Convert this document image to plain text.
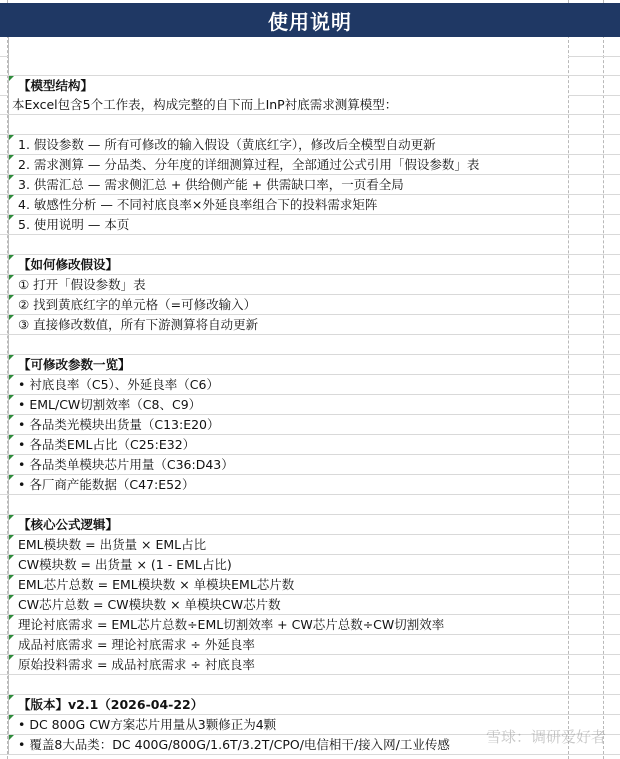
使用说明
【模型结构】
本Excel包含5个工作表，构成完整的自下而上InP衬底需求测算模型：
1. 假设参数 — 所有可修改的输入假设（黄底红字），修改后全模型自动更新
2. 需求测算 — 分品类、分年度的详细测算过程，全部通过公式引用「假设参数」表
3. 供需汇总 — 需求侧汇总 + 供给侧产能 + 供需缺口率，一页看全局
4. 敏感性分析 — 不同衬底良率×外延良率组合下的投料需求矩阵
5. 使用说明 — 本页
【如何修改假设】
① 打开「假设参数」表
② 找到黄底红字的单元格（=可修改输入）
③ 直接修改数值，所有下游测算将自动更新
【可修改参数一览】
• 衬底良率（C5）、外延良率（C6）
• EML/CW切割效率（C8、C9）
• 各品类光模块出货量（C13:E20）
• 各品类EML占比（C25:E32）
• 各品类单模块芯片用量（C36:D43）
• 各厂商产能数据（C47:E52）
【核心公式逻辑】
EML模块数 = 出货量 × EML占比
CW模块数 = 出货量 × (1 - EML占比)
EML芯片总数 = EML模块数 × 单模块EML芯片数
CW芯片总数 = CW模块数 × 单模块CW芯片数
理论衬底需求 = EML芯片总数÷EML切割效率 + CW芯片总数÷CW切割效率
成品衬底需求 = 理论衬底需求 ÷ 外延良率
原始投料需求 = 成品衬底需求 ÷ 衬底良率
【版本】v2.1（2026-04-22）
• DC 800G CW方案芯片用量从3颗修正为4颗
• 覆盖8大品类：DC 400G/800G/1.6T/3.2T/CPO/电信相干/接入网/工业传感 雪球：调研爱好者
